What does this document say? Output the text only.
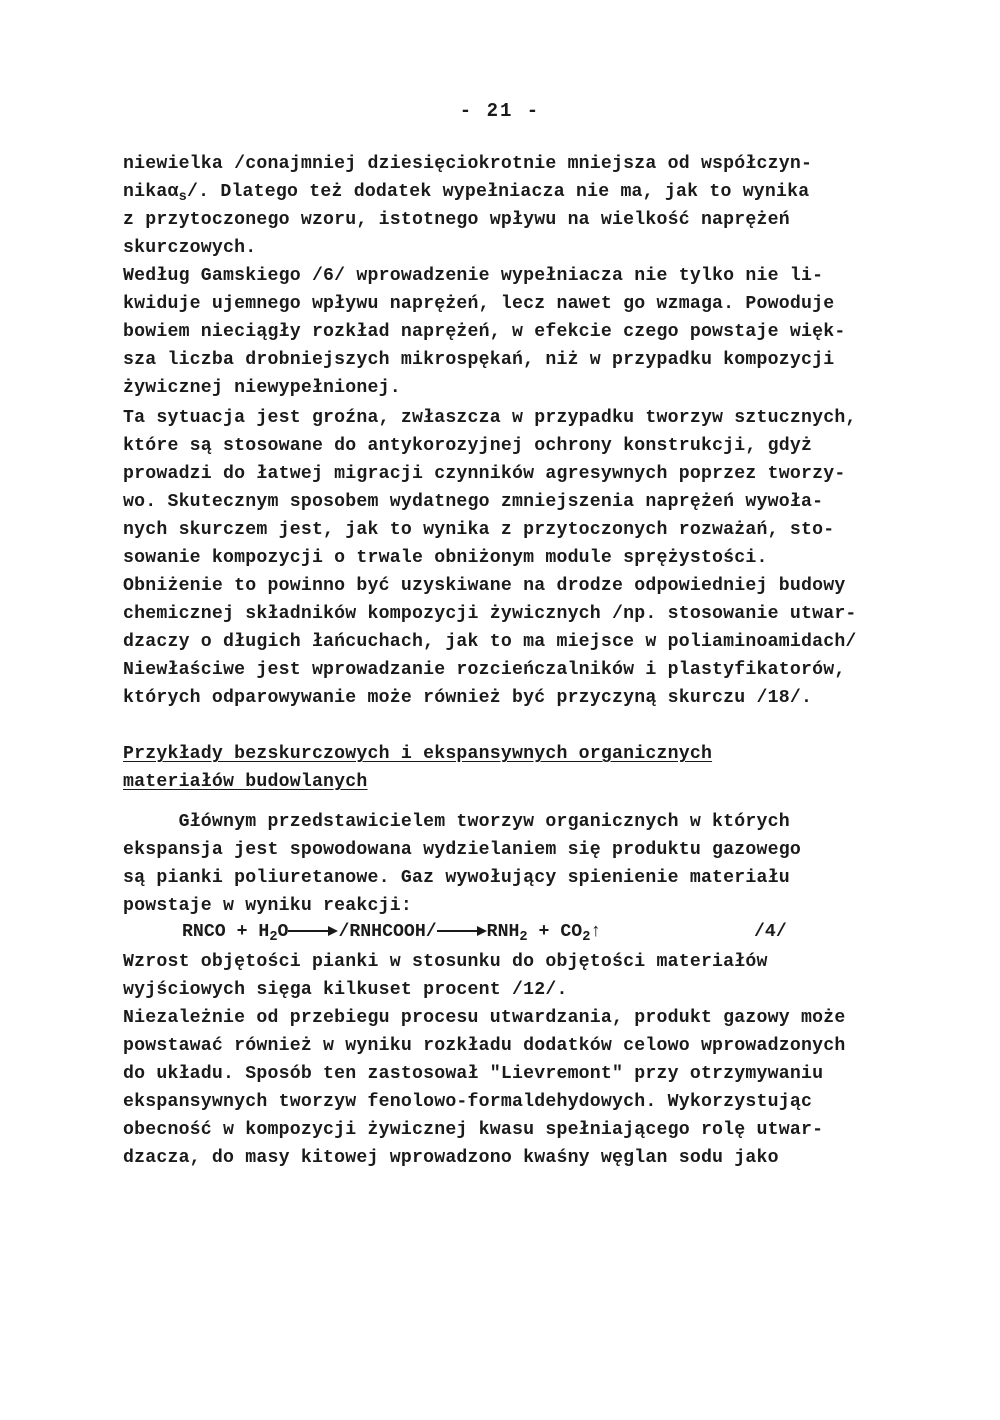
- 21 -
niewielka /conajmniej dziesięciokrotnie mniejsza od współczyn-
nikaα$_s$/. Dlatego też dodatek wypełniacza nie ma, jak to wynika
z przytoczonego wzoru, istotnego wpływu na wielkość naprężeń
skurczowych.
Według Gamskiego /6/ wprowadzenie wypełniacza nie tylko nie li-
kwiduje ujemnego wpływu naprężeń, lecz nawet go wzmaga. Powoduje
bowiem nieciągły rozkład naprężeń, w efekcie czego powstaje więk-
sza liczba drobniejszych mikrospękań, niż w przypadku kompozycji
żywicznej niewypełnionej.
Ta sytuacja jest groźna, zwłaszcza w przypadku tworzyw sztucznych,
które są stosowane do antykorozyjnej ochrony konstrukcji, gdyż
prowadzi do łatwej migracji czynników agresywnych poprzez tworzy-
wo. Skutecznym sposobem wydatnego zmniejszenia naprężeń wywoła-
nych skurczem jest, jak to wynika z przytoczonych rozważań, sto-
sowanie kompozycji o trwale obniżonym module sprężystości.
Obniżenie to powinno być uzyskiwane na drodze odpowiedniej budowy
chemicznej składników kompozycji żywicznych /np. stosowanie utwar-
dzaczy o długich łańcuchach, jak to ma miejsce w poliaminoamidach/
Niewłaściwe jest wprowadzanie rozcieńczalników i plastyfikatorów,
których odparowywanie może również być przyczyną skurczu /18/.
Przykłady bezskurczowych i ekspansywnych organicznych
materiałów budowlanych
Głównym przedstawicielem tworzyw organicznych w których
ekspansja jest spowodowana wydzielaniem się produktu gazowego
są pianki poliuretanowe. Gaz wywołujący spienienie materiału
powstaje w wyniku reakcji:
RNCO + $H_2O\to/RNHCOOH/\to RNH_2$ + $CO_2↑$	/4/
Wzrost objętości pianki w stosunku do objętości materiałów
wyjściowych sięga kilkuset procent /12/.
Niezależnie od przebiegu procesu utwardzania, produkt gazowy może
powstawać również w wyniku rozkładu dodatków celowo wprowadzonych
do układu. Sposób ten zastosował "Lievremont" przy otrzymywaniu
ekspansywnych tworzyw fenolowo-formaldehydowych. Wykorzystując
obecność w kompozycji żywicznej kwasu spełniającego rolę utwar-
dzacza, do masy kitowej wprowadzono kwaśny węglan sodu jako
